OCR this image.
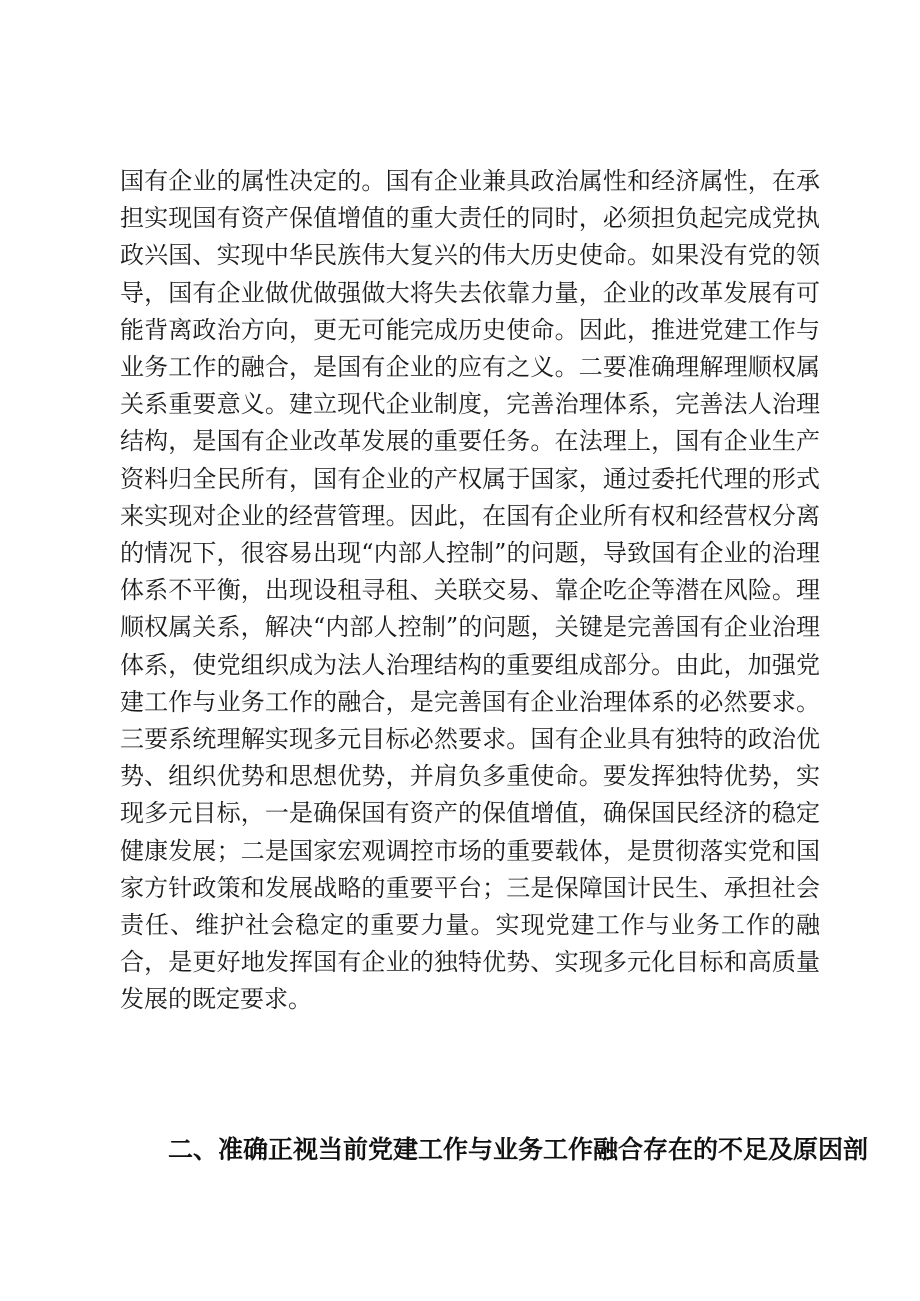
国有企业的属性决定的。国有企业兼具政治属性和经济属性，在承担实现国有资产保值增值的重大责任的同时，必须担负起完成党执政兴国、实现中华民族伟大复兴的伟大历史使命。如果没有党的领导，国有企业做优做强做大将失去依靠力量，企业的改革发展有可能背离政治方向，更无可能完成历史使命。因此，推进党建工作与业务工作的融合，是国有企业的应有之义。二要准确理解理顺权属关系重要意义。建立现代企业制度，完善治理体系，完善法人治理结构，是国有企业改革发展的重要任务。在法理上，国有企业生产资料归全民所有，国有企业的产权属于国家，通过委托代理的形式来实现对企业的经营管理。因此，在国有企业所有权和经营权分离的情况下，很容易出现“内部人控制”的问题，导致国有企业的治理体系不平衡，出现设租寻租、关联交易、靠企吃企等潜在风险。理顺权属关系，解决“内部人控制”的问题，关键是完善国有企业治理体系，使党组织成为法人治理结构的重要组成部分。由此，加强党建工作与业务工作的融合，是完善国有企业治理体系的必然要求。三要系统理解实现多元目标必然要求。国有企业具有独特的政治优势、组织优势和思想优势，并肩负多重使命。要发挥独特优势，实现多元目标，一是确保国有资产的保值增值，确保国民经济的稳定健康发展；二是国家宏观调控市场的重要载体，是贯彻落实党和国家方针政策和发展战略的重要平台；三是保障国计民生、承担社会责任、维护社会稳定的重要力量。实现党建工作与业务工作的融合，是更好地发挥国有企业的独特优势、实现多元化目标和高质量发展的既定要求。

二、准确正视当前党建工作与业务工作融合存在的不足及原因剖
